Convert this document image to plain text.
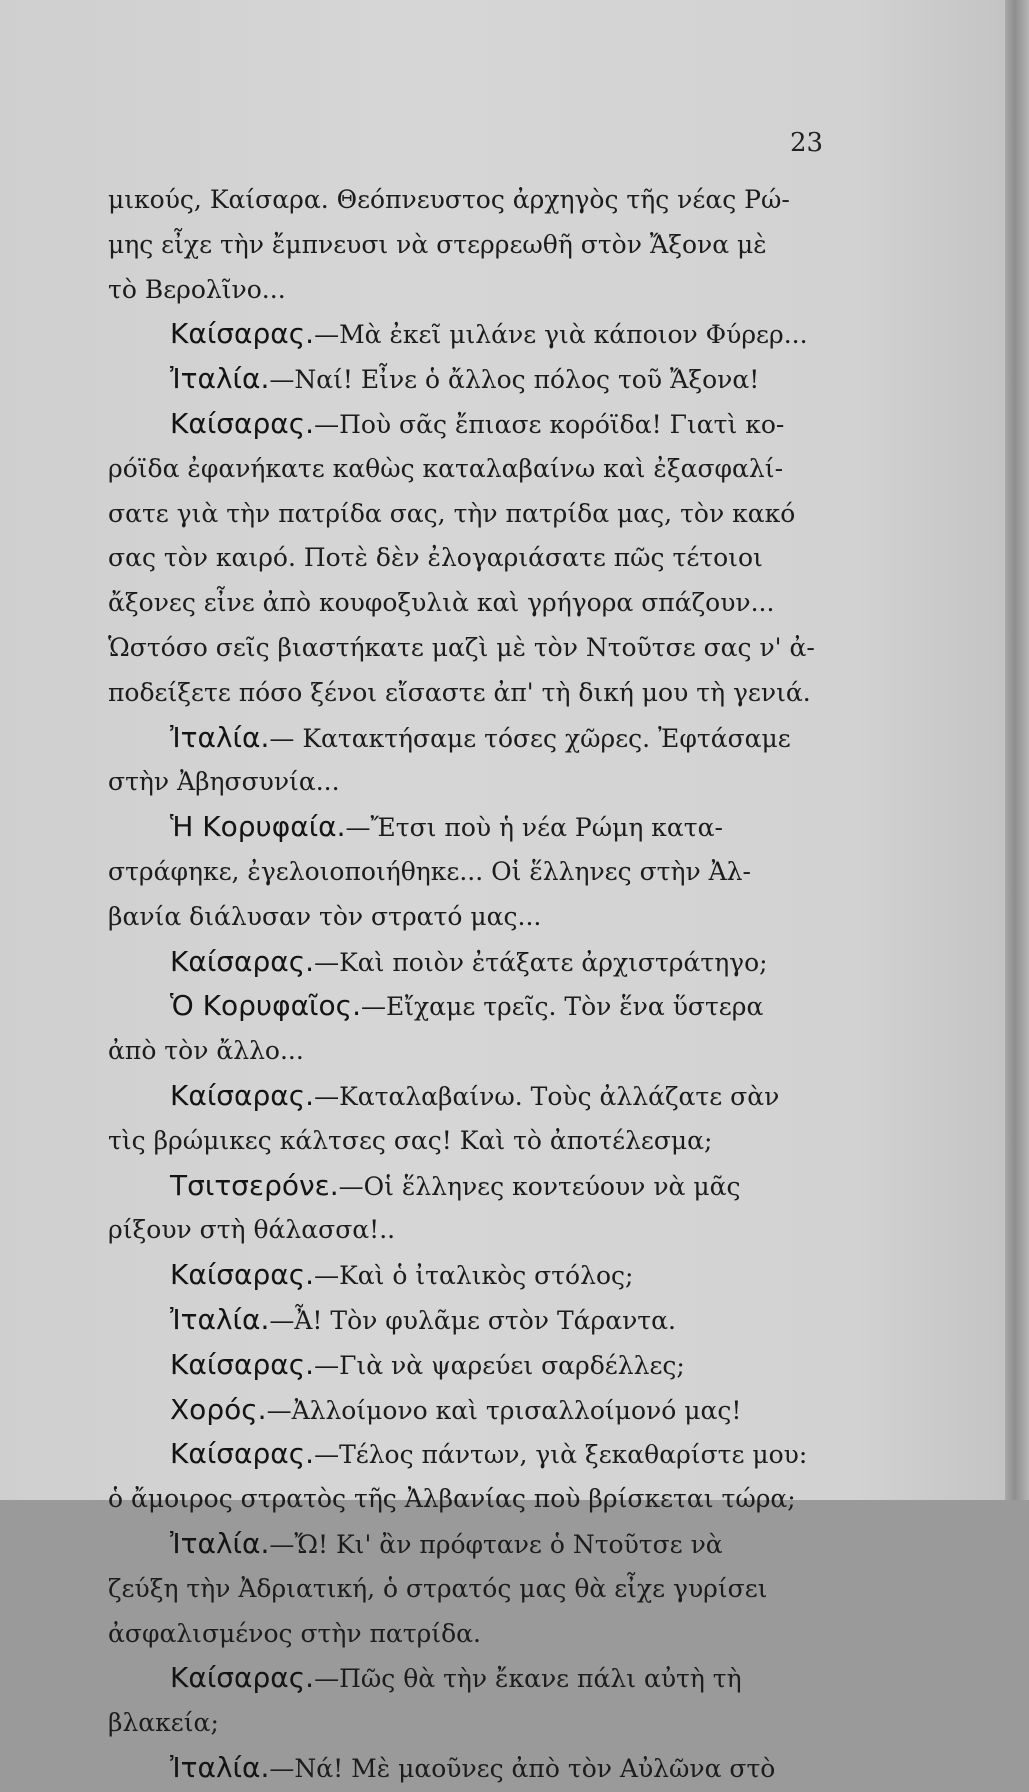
23
μικούς, Καίσαρα. Θεόπνευστος ἀρχηγὸς τῆς νέας Ρώ-
μης εἶχε τὴν ἔμπνευσι νὰ στερρεωθῆ στὸν Ἄξονα μὲ
τὸ Βερολῖνο...
Καίσαρας.—Μὰ ἐκεῖ μιλάνε γιὰ κάποιον Φύρερ...
Ἰταλία.—Ναί! Εἶνε ὁ ἄλλος πόλος τοῦ Ἄξονα!
Καίσαρας.—Ποὺ σᾶς ἔπιασε κορόϊδα! Γιατὶ κο-
ρόϊδα ἐφανήκατε καθὼς καταλαβαίνω καὶ ἐξασφαλί-
σατε γιὰ τὴν πατρίδα σας, τὴν πατρίδα μας, τὸν κακό
σας τὸν καιρό. Ποτὲ δὲν ἐλογαριάσατε πῶς τέτοιοι
ἄξονες εἶνε ἀπὸ κουφοξυλιὰ καὶ γρήγορα σπάζουν...
Ὡστόσο σεῖς βιαστήκατε μαζὶ μὲ τὸν Ντοῦτσε σας ν' ἀ-
ποδείξετε πόσο ξένοι εἴσαστε ἀπ' τὴ δική μου τὴ γενιά.
Ἰταλία.— Κατακτήσαμε τόσες χῶρες. Ἐφτάσαμε
στὴν Ἀβησσυνία...
Ἡ Κορυφαία.—Ἔτσι ποὺ ἡ νέα Ρώμη κατα-
στράφηκε, ἐγελοιοποιήθηκε... Οἱ ἕλληνες στὴν Ἀλ-
βανία διάλυσαν τὸν στρατό μας...
Καίσαρας.—Καὶ ποιὸν ἐτάξατε ἀρχιστράτηγο;
Ὁ Κορυφαῖος.—Εἴχαμε τρεῖς. Τὸν ἕνα ὕστερα
ἀπὸ τὸν ἄλλο...
Καίσαρας.—Καταλαβαίνω. Τοὺς ἀλλάζατε σὰν
τὶς βρώμικες κάλτσες σας! Καὶ τὸ ἀποτέλεσμα;
Τσιτσερόνε.—Οἱ ἕλληνες κοντεύουν νὰ μᾶς
ρίξουν στὴ θάλασσα!..
Καίσαρας.—Καὶ ὁ ἰταλικὸς στόλος;
Ἰταλία.—Ἆ! Τὸν φυλᾶμε στὸν Τάραντα.
Καίσαρας.—Γιὰ νὰ ψαρεύει σαρδέλλες;
Χορός.—Ἀλλοίμονο καὶ τρισαλλοίμονό μας!
Καίσαρας.—Τέλος πάντων, γιὰ ξεκαθαρίστε μου:
ὁ ἄμοιρος στρατὸς τῆς Ἀλβανίας ποὺ βρίσκεται τώρα;
Ἰταλία.—Ὤ! Κι' ἂν πρόφτανε ὁ Ντοῦτσε νὰ
ζεύξη τὴν Ἀδριατική, ὁ στρατός μας θὰ εἶχε γυρίσει
ἀσφαλισμένος στὴν πατρίδα.
Καίσαρας.—Πῶς θὰ τὴν ἔκανε πάλι αὐτὴ τὴ
βλακεία;
Ἰταλία.—Νά! Μὲ μαοῦνες ἀπὸ τὸν Αὐλῶνα στὸ
